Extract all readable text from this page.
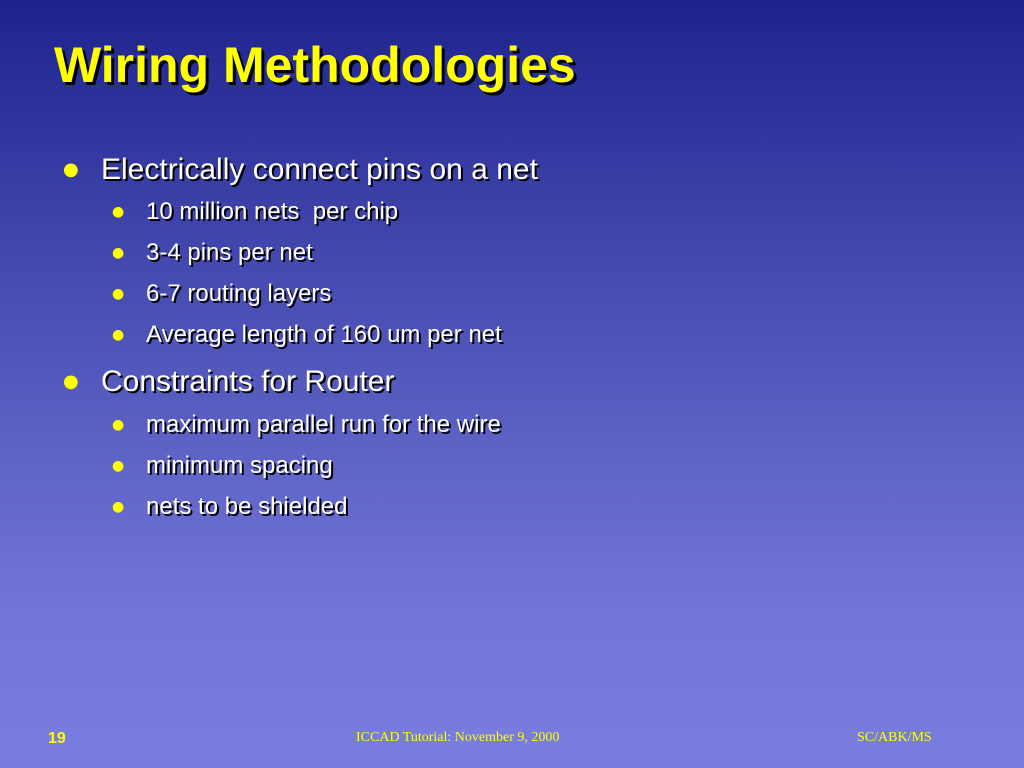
Wiring Methodologies
● Electrically connect pins on a net
● 10 million nets  per chip
● 3-4 pins per net
● 6-7 routing layers
● Average length of 160 um per net
● Constraints for Router
● maximum parallel run for the wire
● minimum spacing
● nets to be shielded
19	ICCAD Tutorial: November 9, 2000	SC/ABK/MS
